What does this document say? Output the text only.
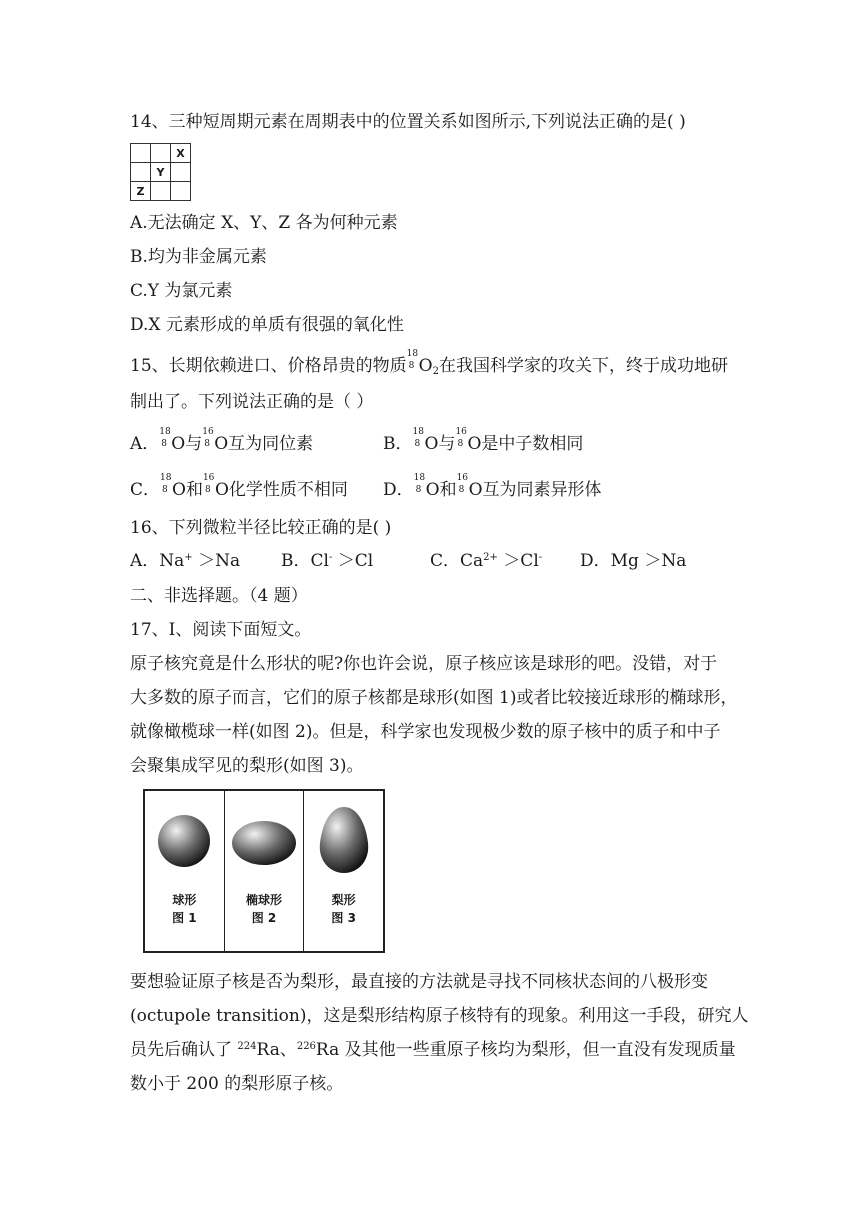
14、三种短周期元素在周期表中的位置关系如图所示,下列说法正确的是( )
		X
	Y	
Z		
A.无法确定 X、Y、Z 各为何种元素
B.均为非金属元素
C.Y 为氯元素
D.X 元素形成的单质有很强的氧化性
15、长期依赖进口、价格昂贵的物质
18
8 $O_2$在我国科学家的攻关下，终于成功地研
制出了。下列说法正确的是（ ）
A．
18
8 O与
16
8 O互为同位素	B．
18
8 O与
16
8 O是中子数相同
C．
18
8 O和
16
8 O化学性质不相同 D．
18
8 O和
16
8 O互为同素异形体
16、下列微粒半径比较正确的是( )
A．Na+ ＞Na B．Cl- ＞Cl	C．$Ca^{2+} >Cl^-$ D．Mg ＞Na
二、非选择题。（4 题）
17、I、阅读下面短文。
原子核究竟是什么形状的呢?你也许会说，原子核应该是球形的吧。没错，对于
大多数的原子而言，它们的原子核都是球形(如图 1)或者比较接近球形的椭球形，
就像橄榄球一样(如图 2)。但是，科学家也发现极少数的原子核中的质子和中子
会聚集成罕见的梨形(如图 3)。
球形
图 1
椭球形
图 2
梨形
图 3
要想验证原子核是否为梨形，最直接的方法就是寻找不同核状态间的八极形变
(octupole transition)，这是梨形结构原子核特有的现象。利用这一手段，研究人
员先后确认了 $^{224}$Ra、$^{226}$Ra 及其他一些重原子核均为梨形，但一直没有发现质量
数小于 200 的梨形原子核。
